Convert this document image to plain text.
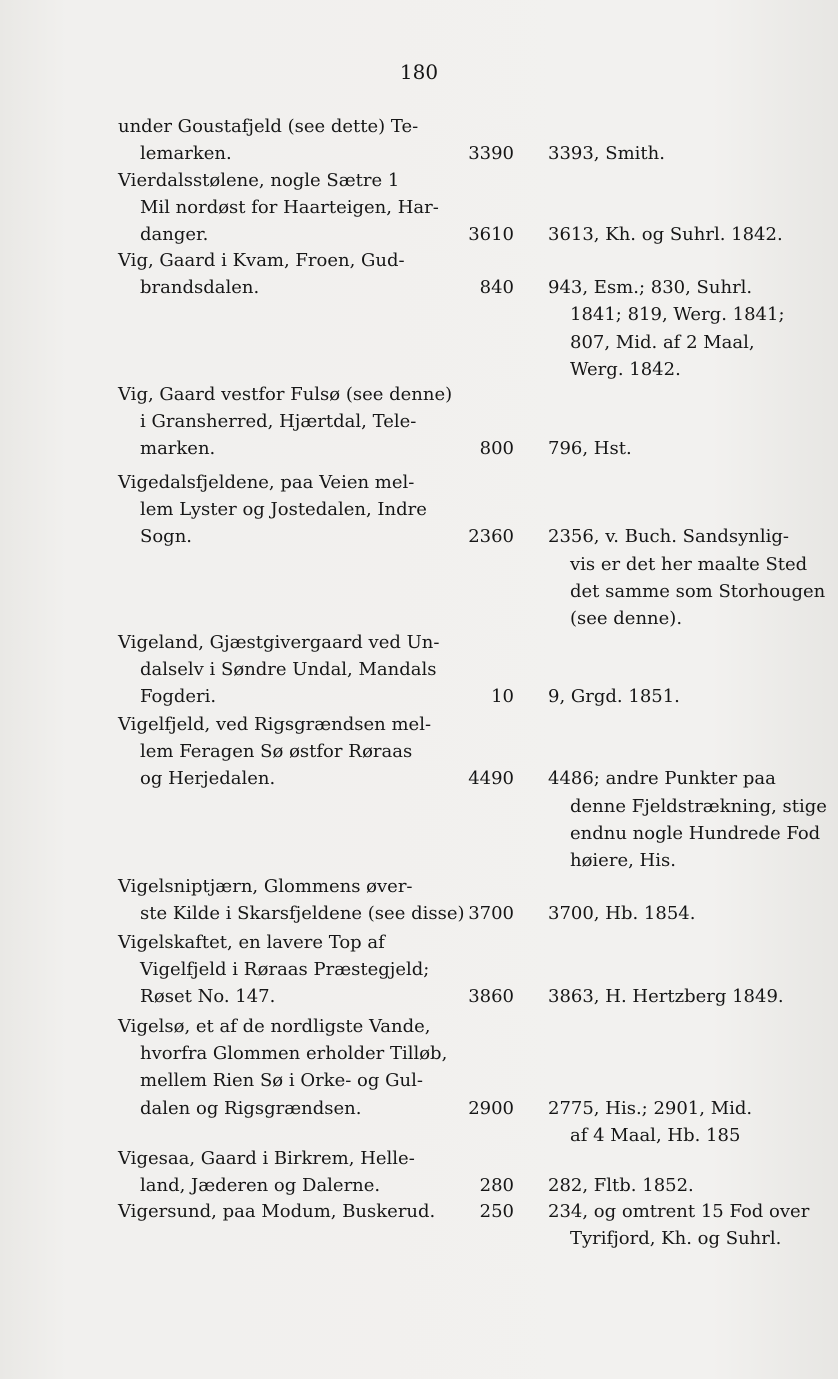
180
under Goustafjeld (see dette) Te-
lemarken.	3390 3393, Smith.
Vierdalsstølene, nogle Sætre 1
Mil nordøst for Haarteigen, Har-
danger.	3610 3613, Kh. og Suhrl. 1842.
Vig, Gaard i Kvam, Froen, Gud-
brandsdalen.	840 943, Esm.; 830, Suhrl.
1841; 819, Werg. 1841;
807, Mid. af 2 Maal,
Werg. 1842.
Vig, Gaard vestfor Fulsø (see denne)
i Gransherred, Hjærtdal, Tele-
marken.	800 796, Hst.
Vigedalsfjeldene, paa Veien mel-
lem Lyster og Jostedalen, Indre
Sogn.	2360 2356, v. Buch. Sandsynlig-
vis er det her maalte Sted
det samme som Storhougen
(see denne).
Vigeland, Gjæstgivergaard ved Un-
dalselv i Søndre Undal, Mandals
Fogderi.	10 9, Grgd. 1851.
Vigelfjeld, ved Rigsgrændsen mel-
lem Feragen Sø østfor Røraas
og Herjedalen.	4490 4486; andre Punkter paa
denne Fjeldstrækning, stige
endnu nogle Hundrede Fod
høiere, His.
Vigelsniptjærn, Glommens øver-
ste Kilde i Skarsfjeldene (see disse) 3700 3700, Hb. 1854.
Vigelskaftet, en lavere Top af
Vigelfjeld i Røraas Præstegjeld;
Røset No. 147.	3860 3863, H. Hertzberg 1849.
Vigelsø, et af de nordligste Vande,
hvorfra Glommen erholder Tilløb,
mellem Rien Sø i Orke- og Gul-
dalen og Rigsgrændsen.	2900 2775, His.; 2901, Mid.
af 4 Maal, Hb. 185
Vigesaa, Gaard i Birkrem, Helle-
land, Jæderen og Dalerne.	280 282, Fltb. 1852.
Vigersund, paa Modum, Buskerud. 250 234, og omtrent 15 Fod over
Tyrifjord, Kh. og Suhrl.
